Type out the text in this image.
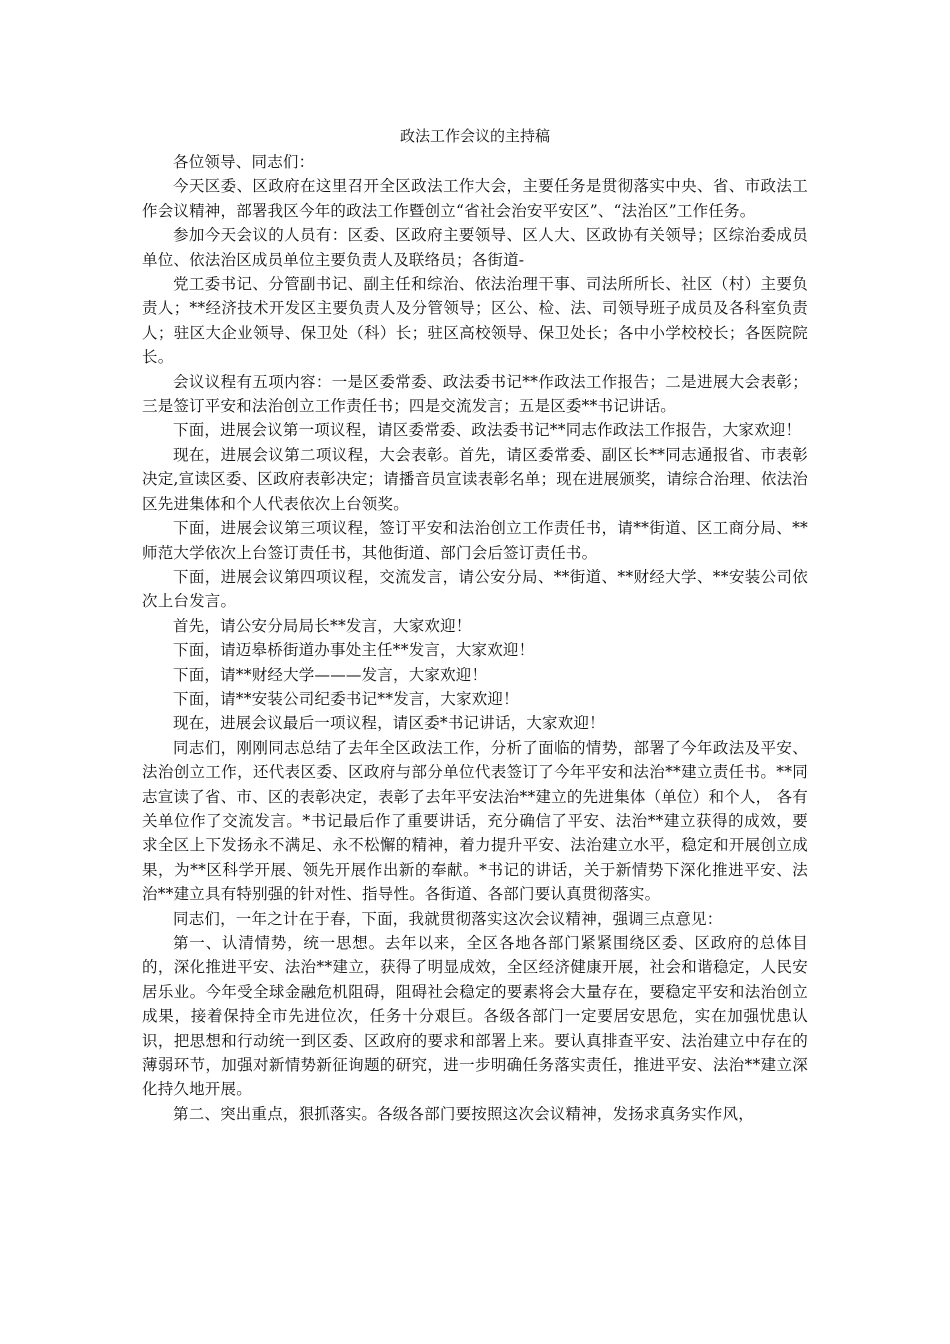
政法工作会议的主持稿

各位领导、同志们：

今天区委、区政府在这里召开全区政法工作大会，主要任务是贯彻落实中央、省、市政法工作会议精神，部署我区今年的政法工作暨创立“省社会治安平安区”、“法治区”工作任务。

参加今天会议的人员有：区委、区政府主要领导、区人大、区政协有关领导；区综治委成员单位、依法治区成员单位主要负责人及联络员；各街道-

党工委书记、分管副书记、副主任和综治、依法治理干事、司法所所长、社区（村）主要负责人；**经济技术开发区主要负责人及分管领导；区公、检、法、司领导班子成员及各科室负责人；驻区大企业领导、保卫处（科）长；驻区高校领导、保卫处长；各中小学校校长；各医院院长。

会议议程有五项内容：一是区委常委、政法委书记**作政法工作报告；二是进展大会表彰；三是签订平安和法治创立工作责任书；四是交流发言；五是区委**书记讲话。

下面，进展会议第一项议程，请区委常委、政法委书记**同志作政法工作报告，大家欢迎！

现在，进展会议第二项议程，大会表彰。首先，请区委常委、副区长**同志通报省、市表彰决定,宣读区委、区政府表彰决定；请播音员宣读表彰名单；现在进展颁奖，请综合治理、依法治区先进集体和个人代表依次上台领奖。

下面，进展会议第三项议程，签订平安和法治创立工作责任书，请**街道、区工商分局、**师范大学依次上台签订责任书，其他街道、部门会后签订责任书。

下面，进展会议第四项议程，交流发言，请公安分局、**街道、**财经大学、**安装公司依次上台发言。

首先，请公安分局局长**发言，大家欢迎！

下面，请迈皋桥街道办事处主任**发言，大家欢迎！

下面，请**财经大学———发言，大家欢迎！

下面，请**安装公司纪委书记**发言，大家欢迎！

现在，进展会议最后一项议程，请区委*书记讲话，大家欢迎！

同志们，刚刚同志总结了去年全区政法工作，分析了面临的情势，部署了今年政法及平安、法治创立工作，还代表区委、区政府与部分单位代表签订了今年平安和法治**建立责任书。**同志宣读了省、市、区的表彰决定，表彰了去年平安法治**建立的先进集体（单位）和个人， 各有关单位作了交流发言。*书记最后作了重要讲话，充分确信了平安、法治**建立获得的成效，要求全区上下发扬永不满足、永不松懈的精神，着力提升平安、法治建立水平，稳定和开展创立成果，为**区科学开展、领先开展作出新的奉献。*书记的讲话，关于新情势下深化推进平安、法治**建立具有特别强的针对性、指导性。各街道、各部门要认真贯彻落实。

同志们，一年之计在于春，下面，我就贯彻落实这次会议精神，强调三点意见：

第一、认清情势，统一思想。去年以来，全区各地各部门紧紧围绕区委、区政府的总体目的，深化推进平安、法治**建立，获得了明显成效，全区经济健康开展，社会和谐稳定，人民安居乐业。今年受全球金融危机阻碍，阻碍社会稳定的要素将会大量存在，要稳定平安和法治创立成果，接着保持全市先进位次，任务十分艰巨。各级各部门一定要居安思危，实在加强忧患认识，把思想和行动统一到区委、区政府的要求和部署上来。要认真排查平安、法治建立中存在的薄弱环节，加强对新情势新征询题的研究，进一步明确任务落实责任，推进平安、法治**建立深化持久地开展。

第二、突出重点，狠抓落实。各级各部门要按照这次会议精神，发扬求真务实作风，
